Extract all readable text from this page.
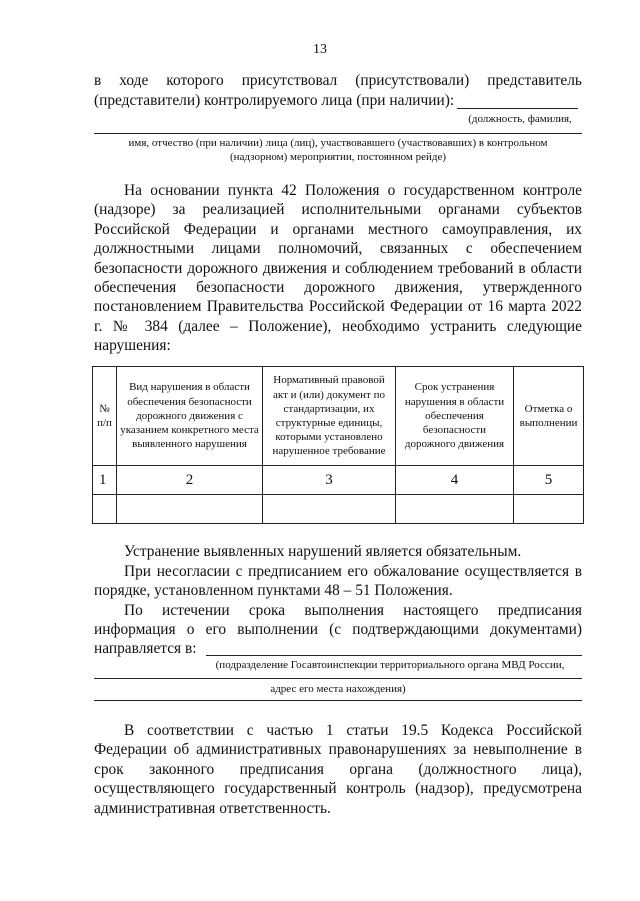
13
в ходе которого присутствовал (присутствовали) представитель
(представители) контролируемого лица (при наличии):
(должность, фамилия,
имя, отчество (при наличии) лица (лиц), участвовавшего (участвовавших) в контрольном
(надзорном) мероприятии, постоянном рейде)
На основании пункта 42 Положения о государственном контроле (надзоре) за реализацией исполнительными органами субъектов Российской Федерации и органами местного самоуправления, их должностными лицами полномочий, связанных с обеспечением безопасности дорожного движения и соблюдением требований в области обеспечения безопасности дорожного движения, утвержденного постановлением Правительства Российской Федерации от 16 марта 2022 г. № 384 (далее – Положение), необходимо устранить следующие нарушения:
№ п/п	Вид нарушения в области обеспечения безопасности дорожного движения с указанием конкретного места выявленного нарушения	Нормативный правовой акт и (или) документ по стандартизации, их структурные единицы, которыми установлено нарушенное требование	Срок устранения нарушения в области обеспечения безопасности дорожного движения	Отметка о выполнении
1	2	3	4	5

Устранение выявленных нарушений является обязательным.
При несогласии с предписанием его обжалование осуществляется в порядке, установленном пунктами 48 – 51 Положения.
По истечении срока выполнения настоящего предписания
информация о его выполнении (с подтверждающими документами)
направляется в:
(подразделение Госавтоинспекции территориального органа МВД России,
адрес его места нахождения)
В соответствии с частью 1 статьи 19.5 Кодекса Российской Федерации об административных правонарушениях за невыполнение в срок законного предписания органа (должностного лица), осуществляющего государственный контроль (надзор), предусмотрена административная ответственность.
